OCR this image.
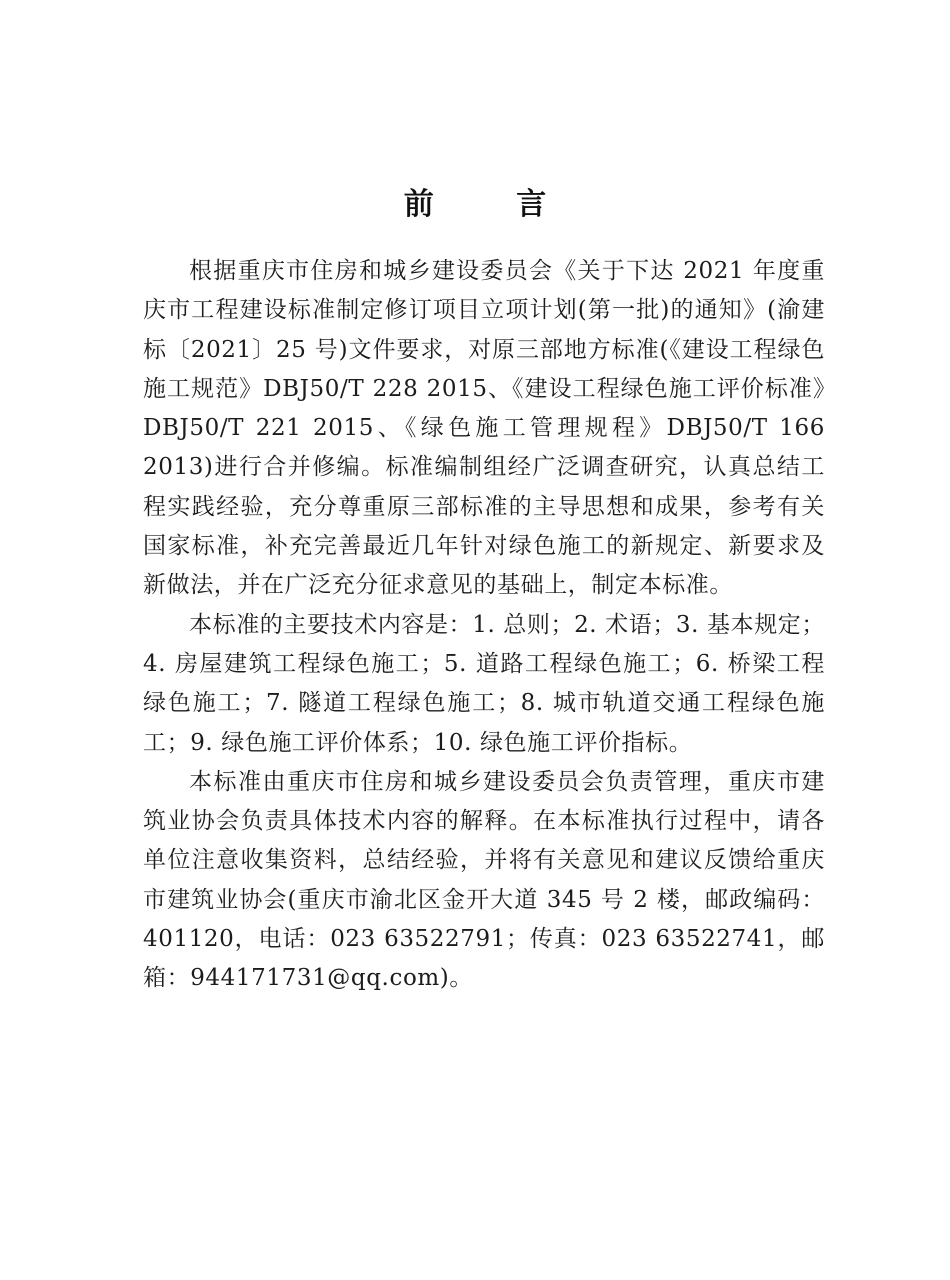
前 言

根据重庆市住房和城乡建设委员会《关于下达 2021 年度重庆市工程建设标准制定修订项目立项计划(第一批)的通知》(渝建标〔2021〕25 号)文件要求，对原三部地方标准(《建设工程绿色施工规范》DBJ50/T 228 2015、《建设工程绿色施工评价标准》DBJ50/T 221 2015、《绿色施工管理规程》DBJ50/T 166 2013)进行合并修编。标准编制组经广泛调查研究，认真总结工程实践经验，充分尊重原三部标准的主导思想和成果，参考有关国家标准，补充完善最近几年针对绿色施工的新规定、新要求及新做法，并在广泛充分征求意见的基础上，制定本标准。

本标准的主要技术内容是：1. 总则；2. 术语；3. 基本规定；4. 房屋建筑工程绿色施工；5. 道路工程绿色施工；6. 桥梁工程绿色施工；7. 隧道工程绿色施工；8. 城市轨道交通工程绿色施工；9. 绿色施工评价体系；10. 绿色施工评价指标。

本标准由重庆市住房和城乡建设委员会负责管理，重庆市建筑业协会负责具体技术内容的解释。在本标准执行过程中，请各单位注意收集资料，总结经验，并将有关意见和建议反馈给重庆市建筑业协会(重庆市渝北区金开大道 345 号 2 楼，邮政编码：401120，电话：023 63522791；传真：023 63522741，邮箱：944171731@qq.com)。
